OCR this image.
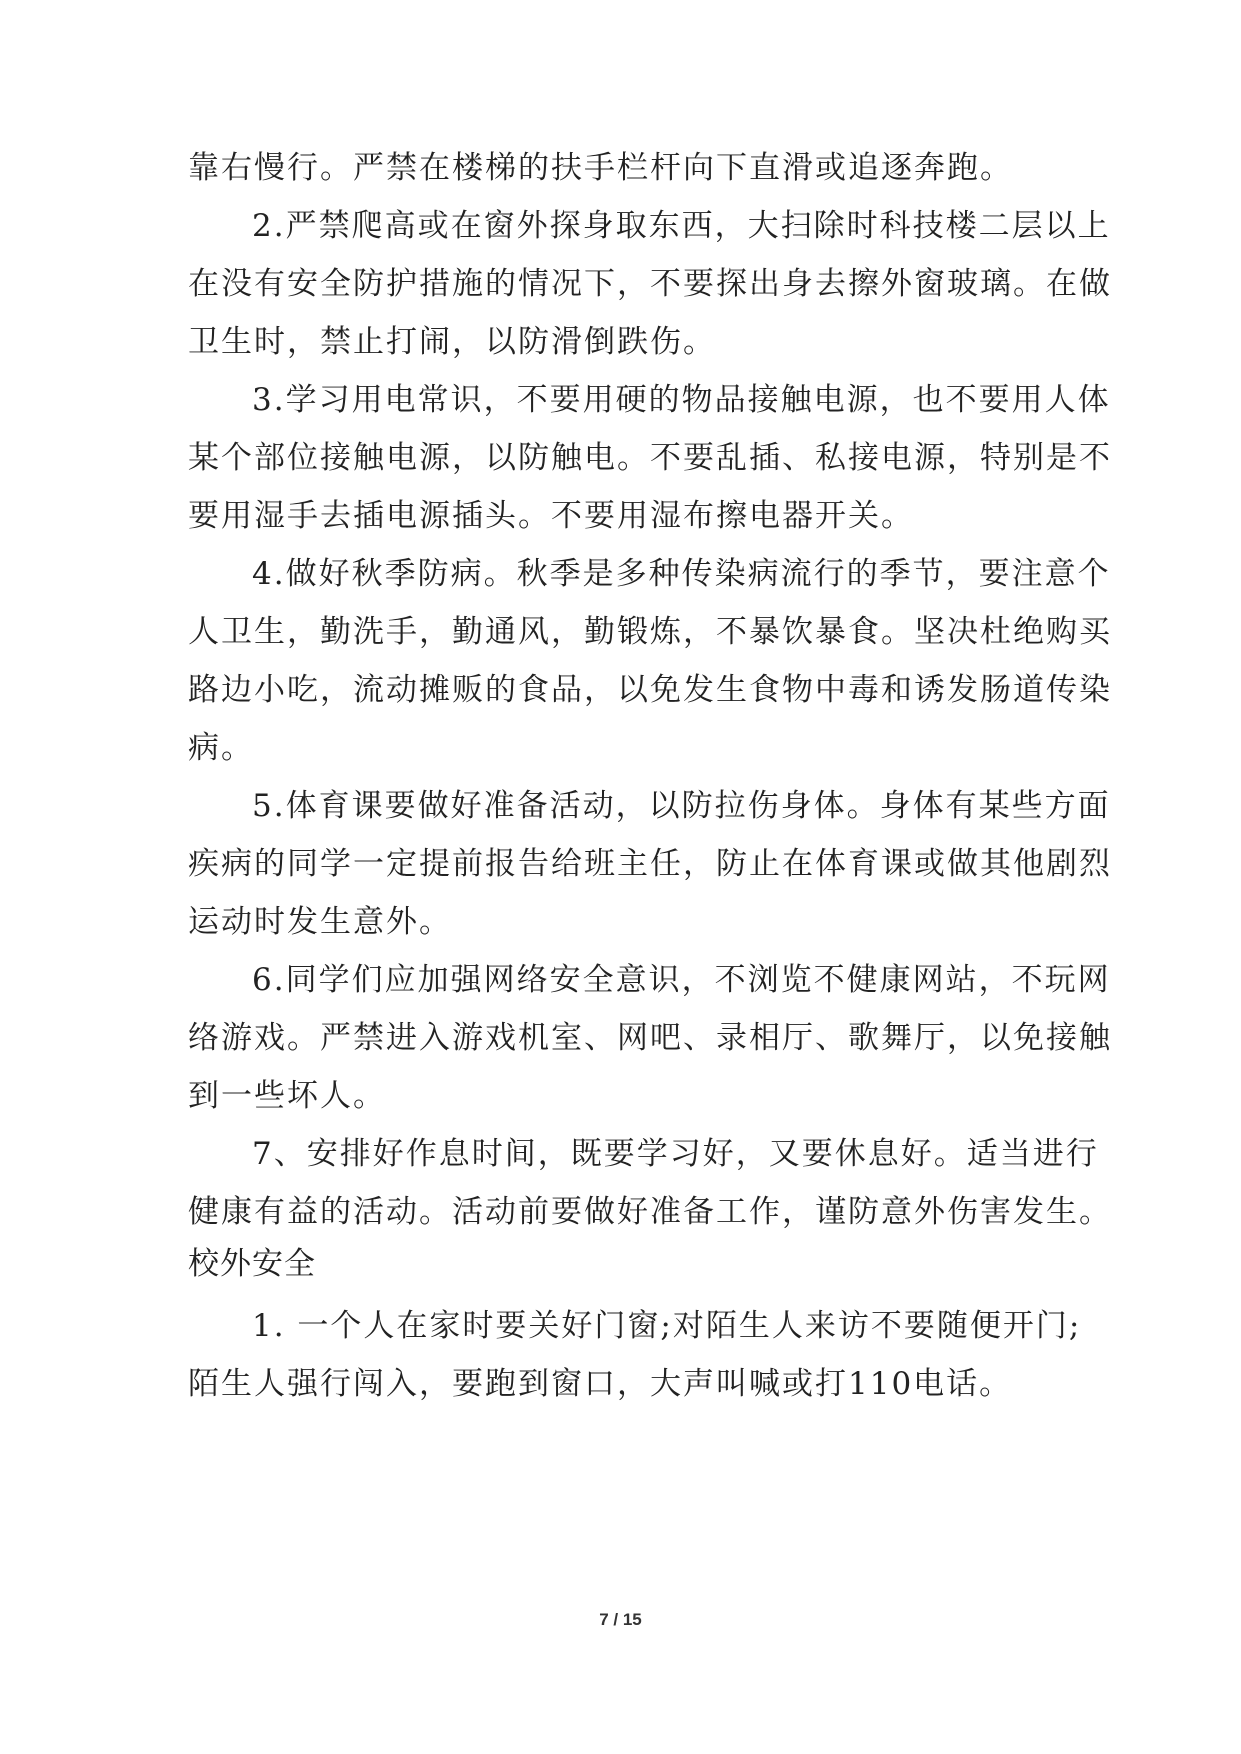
靠右慢行。严禁在楼梯的扶手栏杆向下直滑或追逐奔跑。
2.严禁爬高或在窗外探身取东西，大扫除时科技楼二层以上
在没有安全防护措施的情况下，不要探出身去擦外窗玻璃。在做
卫生时，禁止打闹，以防滑倒跌伤。
3.学习用电常识，不要用硬的物品接触电源，也不要用人体
某个部位接触电源，以防触电。不要乱插、私接电源，特别是不
要用湿手去插电源插头。不要用湿布擦电器开关。
4.做好秋季防病。秋季是多种传染病流行的季节，要注意个
人卫生，勤洗手，勤通风，勤锻炼，不暴饮暴食。坚决杜绝购买
路边小吃，流动摊贩的食品，以免发生食物中毒和诱发肠道传染
病。
5.体育课要做好准备活动，以防拉伤身体。身体有某些方面
疾病的同学一定提前报告给班主任，防止在体育课或做其他剧烈
运动时发生意外。
6.同学们应加强网络安全意识，不浏览不健康网站，不玩网
络游戏。严禁进入游戏机室、网吧、录相厅、歌舞厅，以免接触
到一些坏人。
7、安排好作息时间，既要学习好，又要休息好。适当进行
健康有益的活动。活动前要做好准备工作，谨防意外伤害发生。
校外安全
1. 一个人在家时要关好门窗;对陌生人来访不要随便开门;
陌生人强行闯入，要跑到窗口，大声叫喊或打110电话。
7 / 15
